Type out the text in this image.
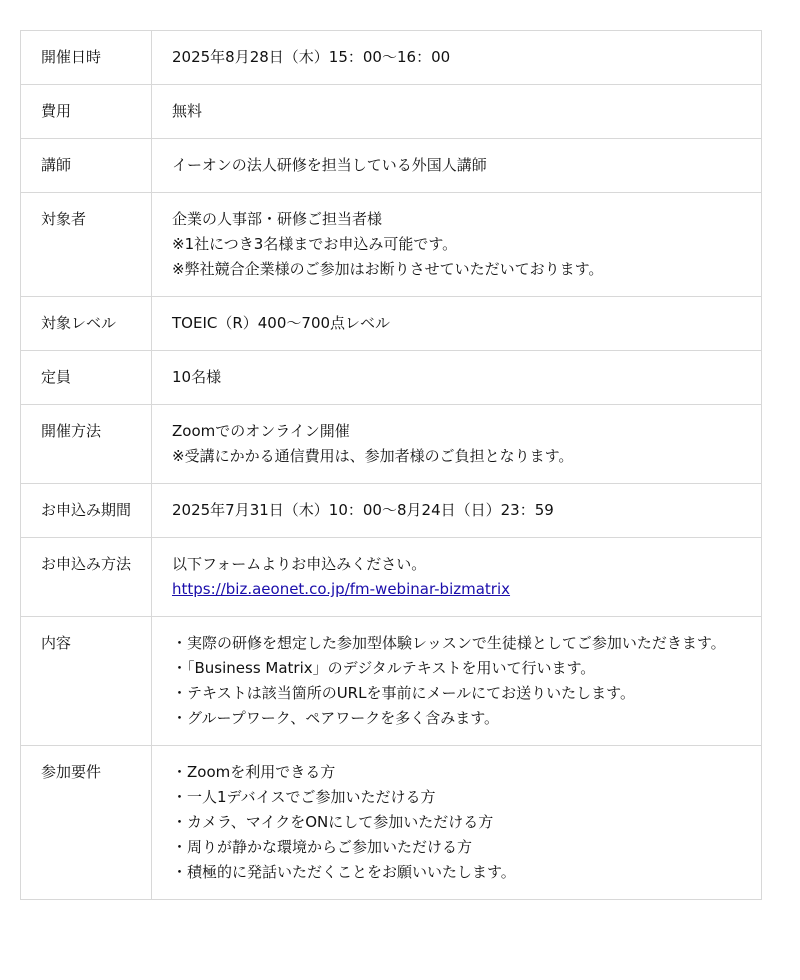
開催日時	2025年8月28日（木）15：00〜16：00

費用	無料

講師	イーオンの法人研修を担当している外国人講師

対象者	企業の人事部・研修ご担当者様
※1社につき3名様までお申込み可能です。
※弊社競合企業様のご参加はお断りさせていただいております。

対象レベル	TOEIC（R）400〜700点レベル

定員	10名様

開催方法	Zoomでのオンライン開催
※受講にかかる通信費用は、参加者様のご負担となります。

お申込み期間	2025年7月31日（木）10：00〜8月24日（日）23：59

お申込み方法	以下フォームよりお申込みください。
https://biz.aeonet.co.jp/fm-webinar-bizmatrix

内容	・実際の研修を想定した参加型体験レッスンで生徒様としてご参加いただきます。
・「Business Matrix」のデジタルテキストを用いて行います。
・テキストは該当箇所のURLを事前にメールにてお送りいたします。
・グループワーク、ペアワークを多く含みます。

参加要件	・Zoomを利用できる方
・一人1デバイスでご参加いただける方
・カメラ、マイクをONにして参加いただける方
・周りが静かな環境からご参加いただける方
・積極的に発話いただくことをお願いいたします。
